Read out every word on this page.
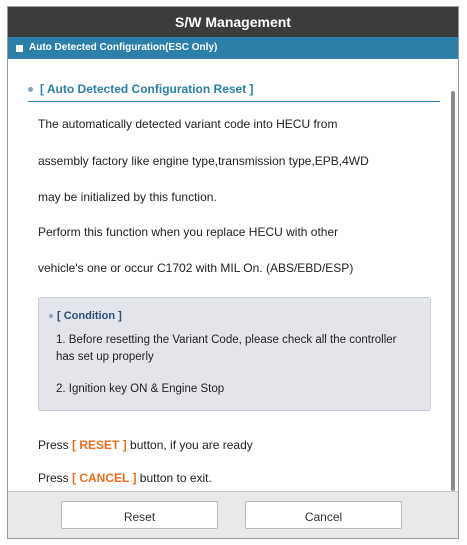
S/W Management
Auto Detected Configuration(ESC Only)
[ Auto Detected Configuration Reset ]
The automatically detected variant code into HECU from
assembly factory like engine type,transmission type,EPB,4WD
may be initialized by this function.
Perform this function when you replace HECU with other
vehicle's one or occur C1702 with MIL On. (ABS/EBD/ESP)
[ Condition ]
1. Before resetting the Variant Code, please check all the controller has set up properly
2. Ignition key ON & Engine Stop
Press [ RESET ] button, if you are ready
Press [ CANCEL ] button to exit.
Reset	Cancel
